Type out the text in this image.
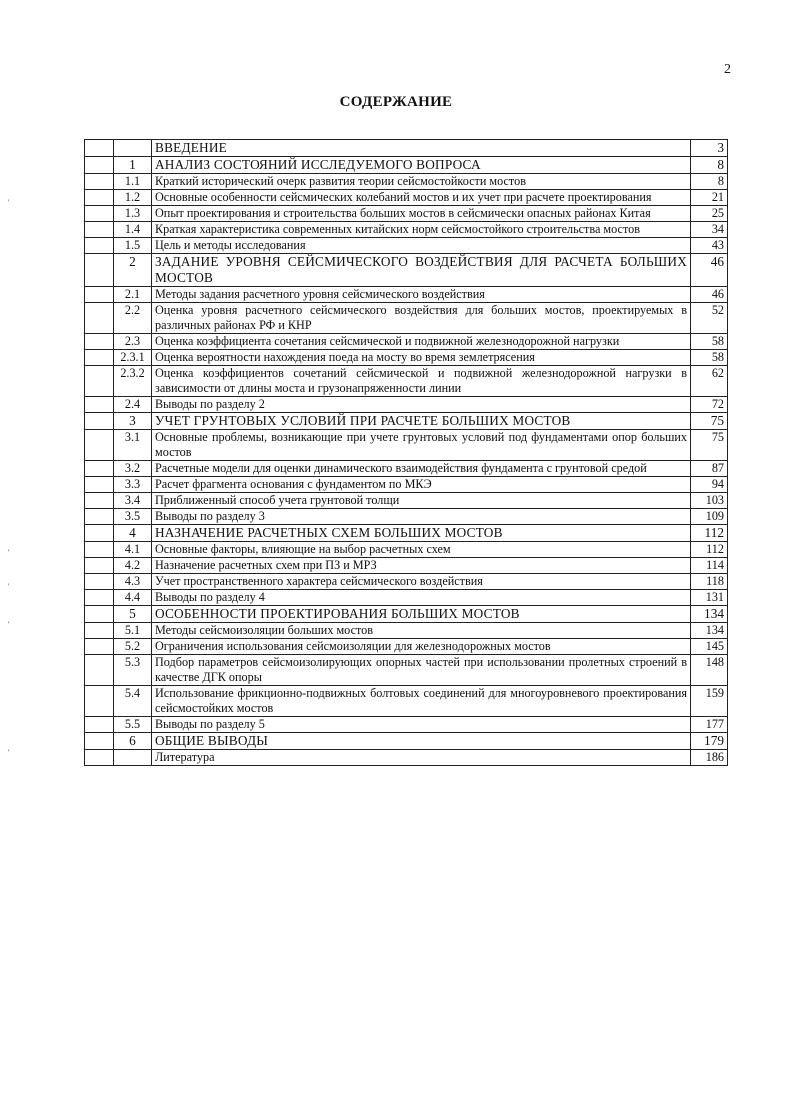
2
СОДЕРЖАНИЕ
		ВВЕДЕНИЕ	3
	1	АНАЛИЗ СОСТОЯНИЙ ИССЛЕДУЕМОГО ВОПРОСА	8
	1.1	Краткий исторический очерк развития теории сейсмостойкости мостов	8
	1.2	Основные особенности сейсмических колебаний мостов и их учет при расчете проектирования	21
	1.3	Опыт проектирования и строительства больших мостов в сейсмически опасных районах Китая	25
	1.4	Краткая характеристика современных китайских норм сейсмостойкого строительства мостов	34
	1.5	Цель и методы исследования	43
	2	ЗАДАНИЕ УРОВНЯ СЕЙСМИЧЕСКОГО ВОЗДЕЙСТВИЯ ДЛЯ РАСЧЕТА БОЛЬШИХ МОСТОВ	46
	2.1	Методы задания расчетного уровня сейсмического воздействия	46
	2.2	Оценка уровня расчетного сейсмического воздействия для больших мостов, проектируемых в различных районах РФ и КНР	52
	2.3	Оценка коэффициента сочетания сейсмической и подвижной железнодорожной нагрузки	58
	2.3.1	Оценка вероятности нахождения поеда на мосту во время землетрясения	58
	2.3.2	Оценка коэффициентов сочетаний сейсмической и подвижной железнодорожной нагрузки в зависимости от длины моста и грузонапряженности линии	62
	2.4	Выводы по разделу 2	72
	3	УЧЕТ ГРУНТОВЫХ УСЛОВИЙ ПРИ РАСЧЕТЕ БОЛЬШИХ МОСТОВ	75
	3.1	Основные проблемы, возникающие при учете грунтовых условий под фундаментами опор больших мостов	75
	3.2	Расчетные модели для оценки динамического взаимодействия фундамента с грунтовой средой	87
	3.3	Расчет фрагмента основания с фундаментом по МКЭ	94
	3.4	Приближенный способ учета грунтовой толщи	103
	3.5	Выводы по разделу 3	109
	4	НАЗНАЧЕНИЕ РАСЧЕТНЫХ СХЕМ БОЛЬШИХ МОСТОВ	112
	4.1	Основные факторы, влияющие на выбор расчетных схем	112
	4.2	Назначение расчетных схем при ПЗ и МРЗ	114
	4.3	Учет пространственного характера сейсмического воздействия	118
	4.4	Выводы по разделу 4	131
	5	ОСОБЕННОСТИ ПРОЕКТИРОВАНИЯ БОЛЬШИХ МОСТОВ	134
	5.1	Методы сейсмоизоляции больших мостов	134
	5.2	Ограничения использования сейсмоизоляции для железнодорожных мостов	145
	5.3	Подбор параметров сейсмоизолирующих опорных частей при использовании пролетных строений в качестве ДГК опоры	148
	5.4	Использование фрикционно-подвижных болтовых соединений для многоуровневого проектирования сейсмостойких мостов	159
	5.5	Выводы по разделу 5	177
	6	ОБЩИЕ ВЫВОДЫ	179
		Литература	186
'
'
'
'
'
